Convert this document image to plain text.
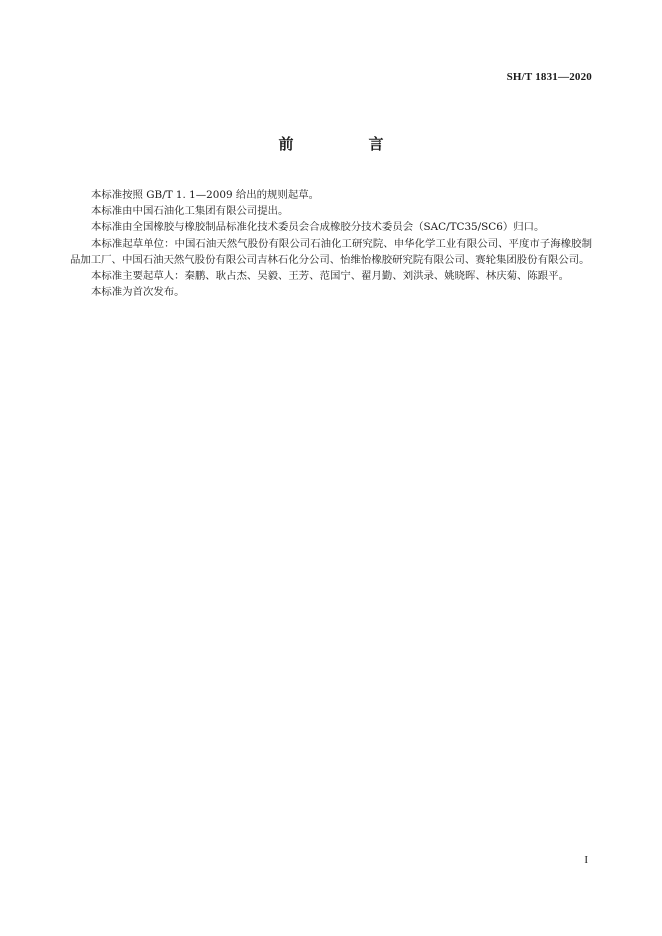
SH/T 1831—2020
前　言

本标准按照 GB/T 1. 1—2009 给出的规则起草。

本标准由中国石油化工集团有限公司提出。

本标准由全国橡胶与橡胶制品标准化技术委员会合成橡胶分技术委员会（SAC/TC35/SC6）归口。

本标准起草单位：中国石油天然气股份有限公司石油化工研究院、申华化学工业有限公司、平度市子海橡胶制品加工厂、中国石油天然气股份有限公司吉林石化分公司、怡维怡橡胶研究院有限公司、赛轮集团股份有限公司。

本标准主要起草人：秦鹏、耿占杰、吴毅、王芳、范国宁、翟月勤、刘洪录、姚晓晖、林庆菊、陈跟平。

本标准为首次发布。

I
